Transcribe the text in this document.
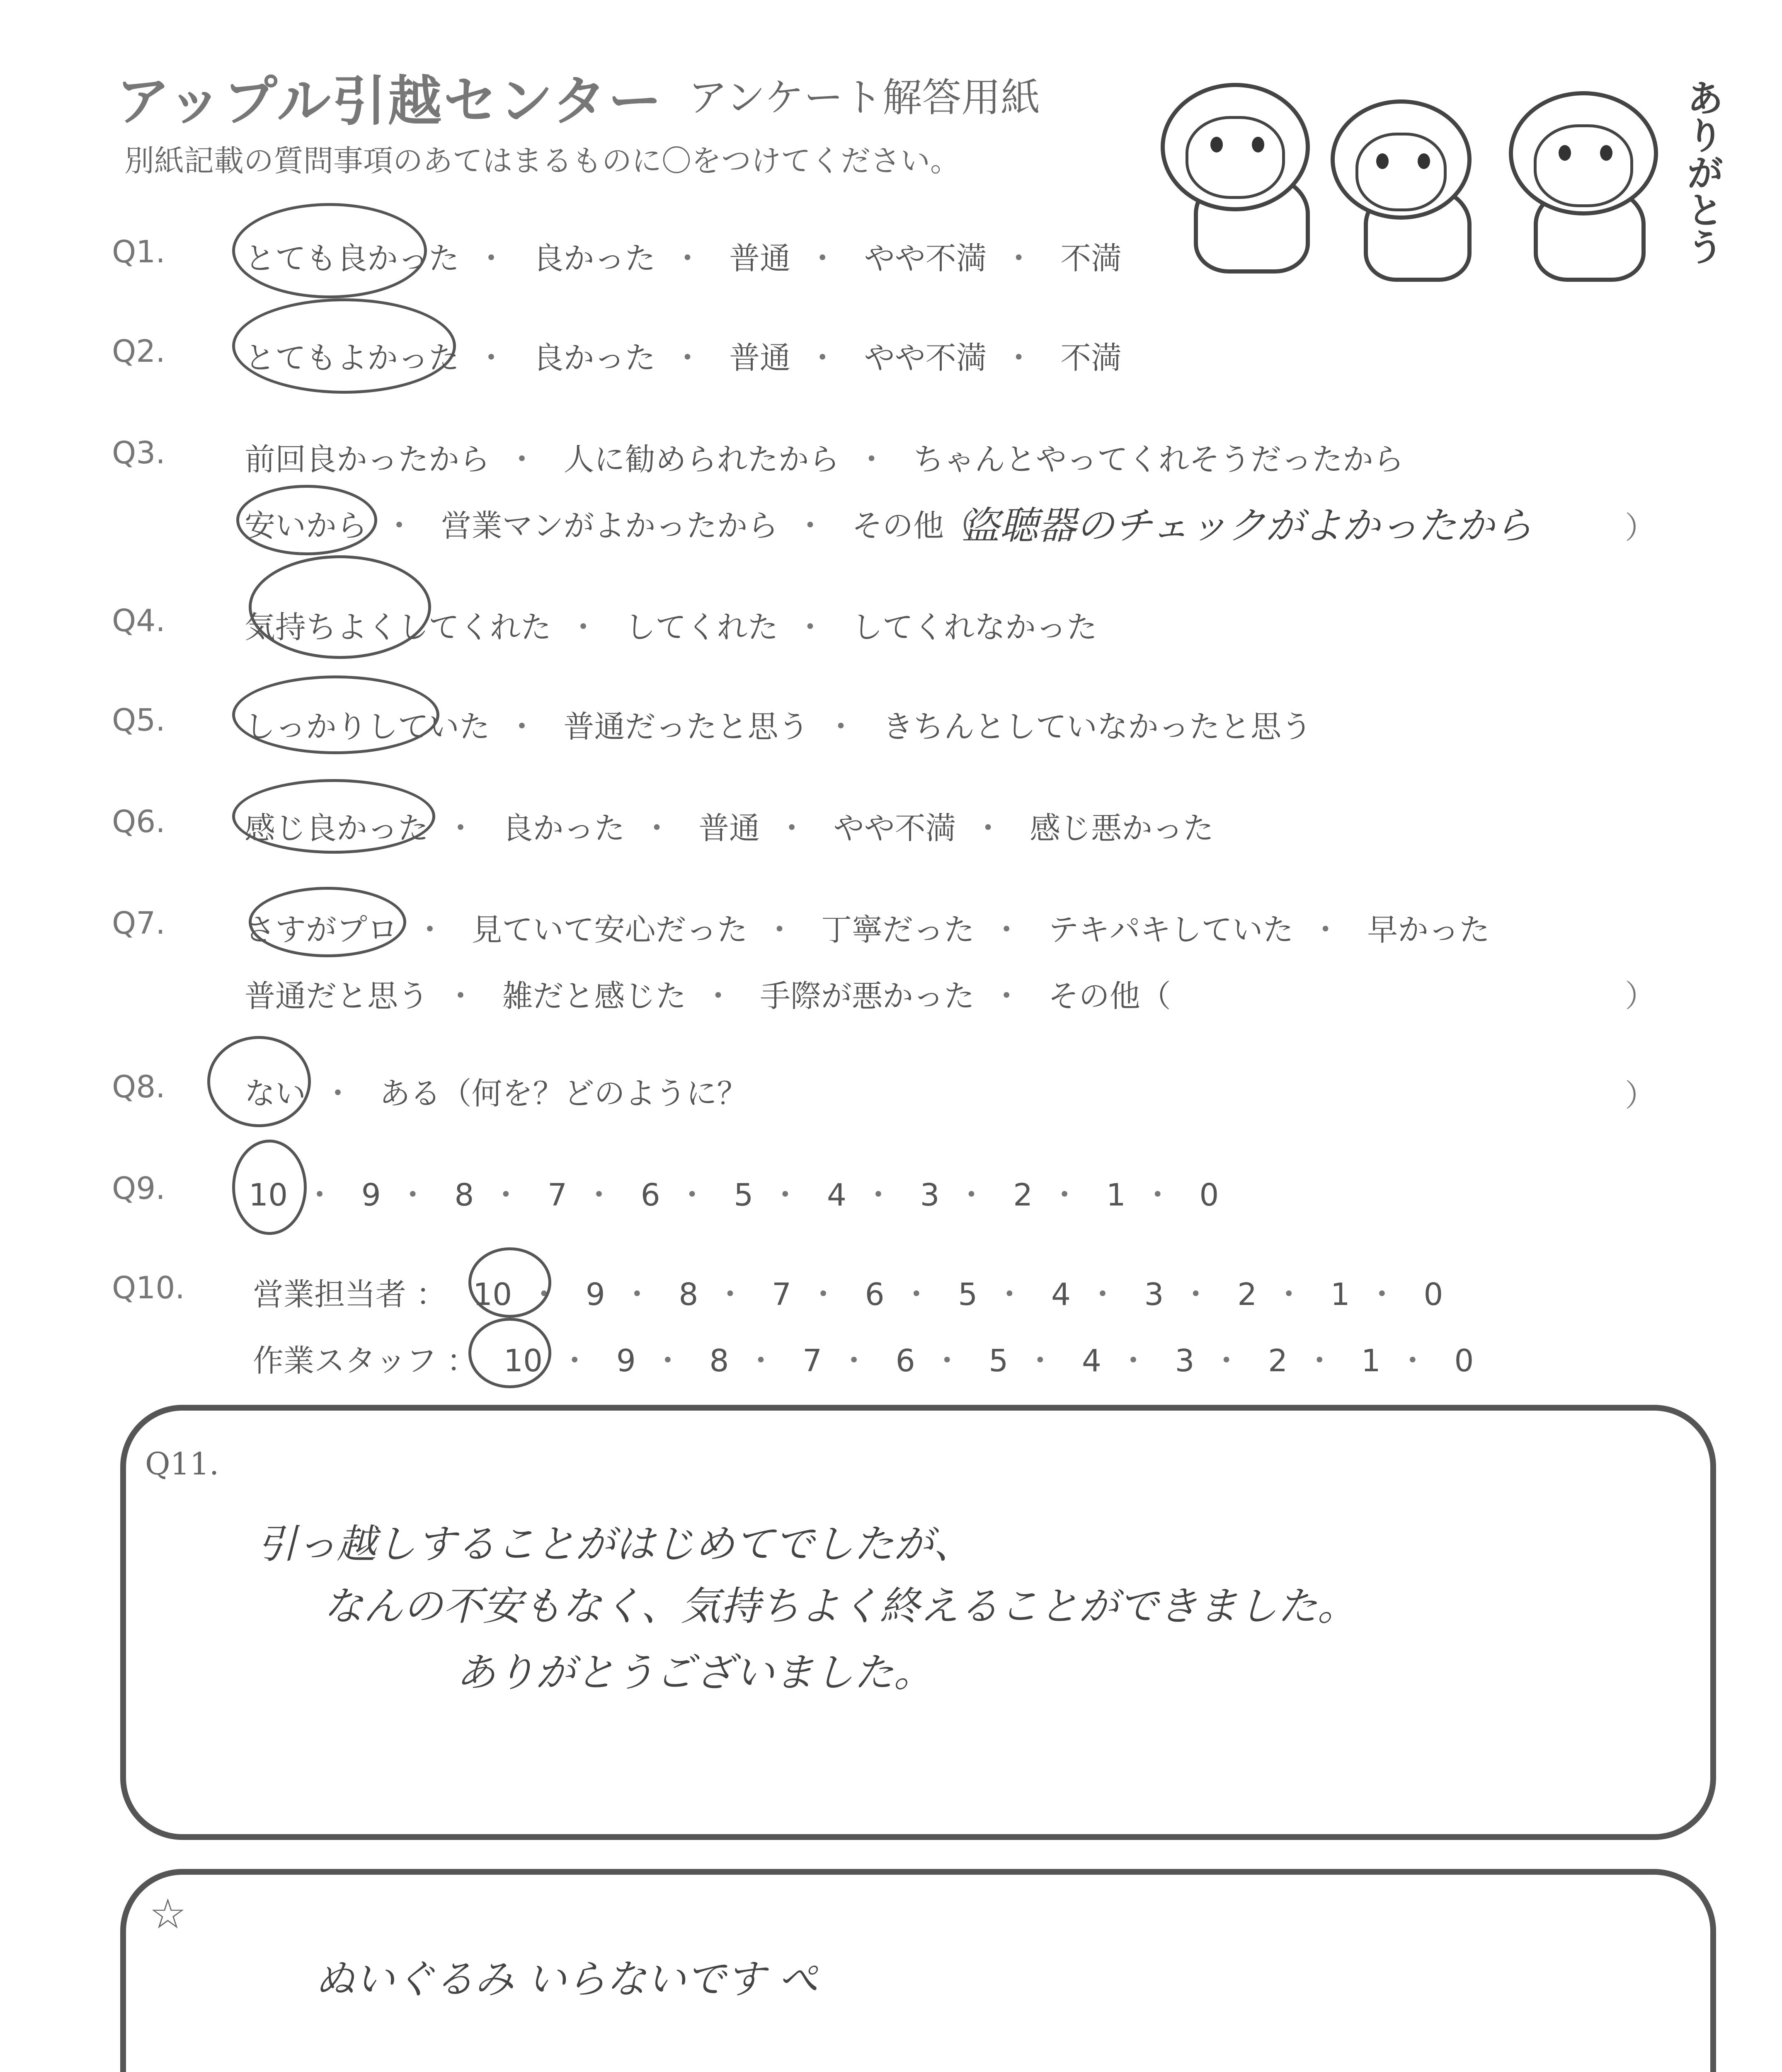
アップル引越センター アンケート解答用紙
別紙記載の質問事項のあてはまるものに〇をつけてください。	ありがとう
Q1.	とても良かった ・ 良かった ・ 普通 ・ やや不満 ・ 不満
Q2.	とてもよかった ・ 良かった ・ 普通 ・ やや不満 ・ 不満
Q3.	前回良かったから ・ 人に勧められたから ・ ちゃんとやってくれそうだったから
安いから ・ 営業マンがよかったから ・ その他（
盗聴器のチェックがよかったから	）
Q4.	気持ちよくしてくれた ・ してくれた ・ してくれなかった
Q5.	しっかりしていた ・ 普通だったと思う ・ きちんとしていなかったと思う
Q6.	感じ良かった ・ 良かった ・ 普通 ・ やや不満 ・ 感じ悪かった
Q7.	さすがプロ ・ 見ていて安心だった ・ 丁寧だった ・ テキパキしていた ・ 早かった
普通だと思う ・ 雑だと感じた ・ 手際が悪かった ・ その他（	）
Q8.	ない ・ ある（何を？どのように？	）
Q9.	10 ・ 9 ・ 8 ・ 7 ・ 6 ・ 5 ・ 4 ・ 3 ・ 2 ・ 1 ・ 0
Q10. 営業担当者 ： 10 ・ 9 ・ 8 ・ 7 ・ 6 ・ 5 ・ 4 ・ 3 ・ 2 ・ 1 ・ 0
作業スタッフ ： 10 ・ 9 ・ 8 ・ 7 ・ 6 ・ 5 ・ 4 ・ 3 ・ 2 ・ 1 ・ 0
Q11.
引っ越しすることがはじめてでしたが、
なんの不安もなく、気持ちよく終えることができました。
ありがとうございました。
☆
ぬいぐるみ いらないです ぺ
